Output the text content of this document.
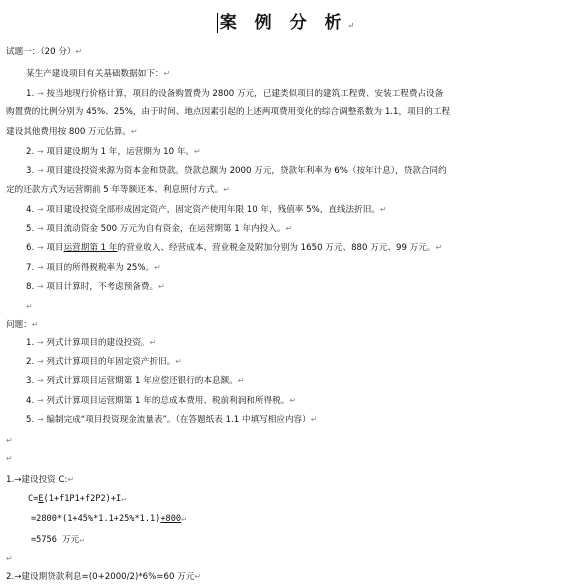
案 例 分 析↵
试题一：（20 分）↵
某生产建设项目有关基础数据如下：↵
1. → 按当地现行价格计算，项目的设备购置费为 2800 万元，已建类似项目的建筑工程费、安装工程费占设备
购置费的比例分别为 45%、25%，由于时间、地点因素引起的上述两项费用变化的综合调整系数为 1.1，项目的工程
建设其他费用按 800 万元估算。↵
2. → 项目建设期为 1 年，运营期为 10 年。↵
3. → 项目建设投资来源为资本金和贷款。贷款总额为 2000 万元，贷款年利率为 6%（按年计息），贷款合同约
定的还款方式为运营期前 5 年等额还本、利息照付方式。↵
4. → 项目建设投资全部形成固定资产，固定资产使用年限 10 年，残值率 5%，直线法折旧。↵
5. → 项目流动资金 500 万元为自有资金，在运营期第 1 年内投入。↵
6. → 项目运营期第 1 年的营业收入、经营成本、营业税金及附加分别为 1650 万元、880 万元、99 万元。↵
7. → 项目的所得税税率为 25%。↵
8. → 项目计算时，不考虑预备费。↵
↵
问题：↵
1. → 列式计算项目的建设投资。↵
2. → 列式计算项目的年固定资产折旧。↵
3. → 列式计算项目运营期第 1 年应偿还银行的本息额。↵
4. → 列式计算项目运营期第 1 年的总成本费用、税前利润和所得税。↵
5. → 编制完成“项目投资现金流量表”。（在答题纸表 1.1 中填写相应内容）↵
↵
↵
1.→建设投资 C:↵
C=E(1+f1P1+f2P2)+I↵
=2800*(1+45%*1.1+25%*1.1)+800↵
=5756 万元↵
↵
2.→建设期贷款利息=(0+2000/2)*6%=60 万元↵
